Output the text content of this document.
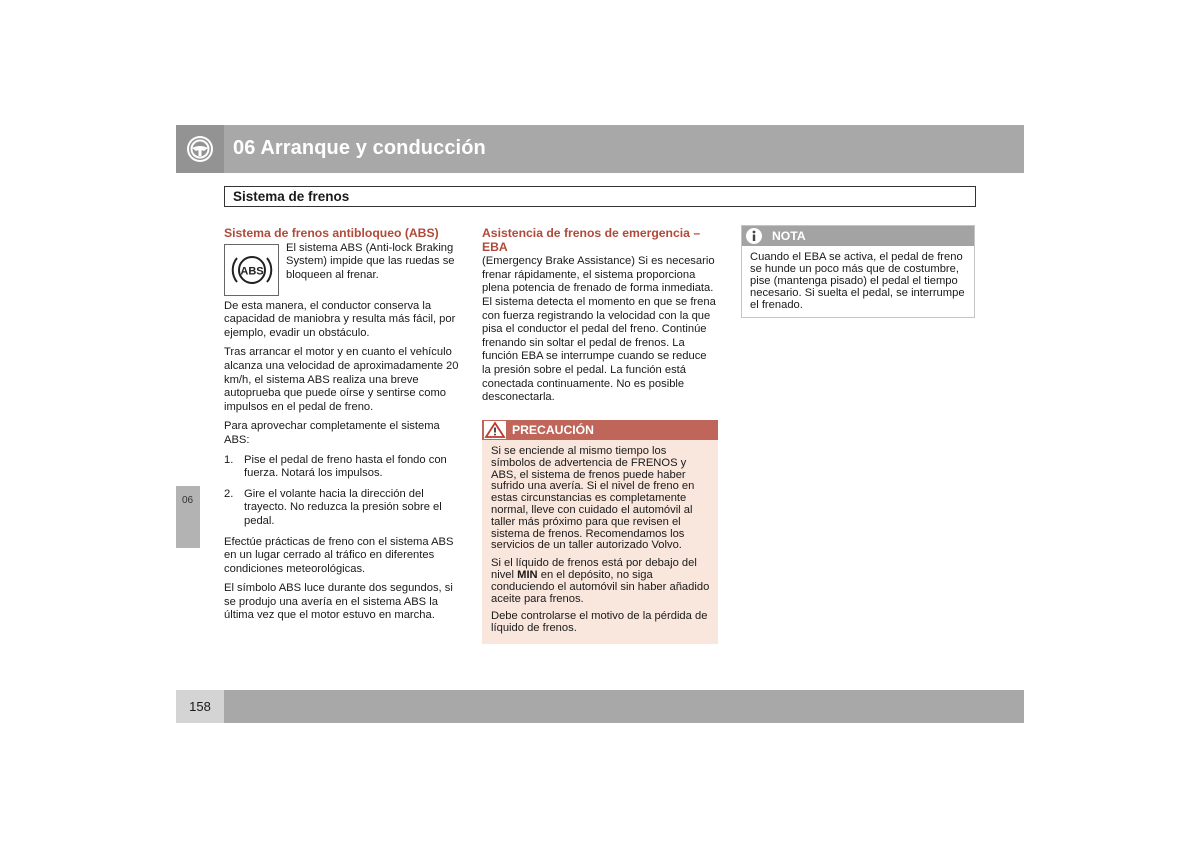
06 Arranque y conducción
Sistema de frenos
06
Sistema de frenos antibloqueo (ABS)
ABS

El sistema ABS (Anti-lock Braking System) impide que las ruedas se bloqueen al frenar.

De esta manera, el conductor conserva la capacidad de maniobra y resulta más fácil, por ejemplo, evadir un obstáculo.

Tras arrancar el motor y en cuanto el vehículo alcanza una velocidad de aproximadamente 20 km/h, el sistema ABS realiza una breve autoprueba que puede oírse y sentirse como impulsos en el pedal de freno.

Para aprovechar completamente el sistema ABS:

1. Pise el pedal de freno hasta el fondo con fuerza. Notará los impulsos.
2. Gire el volante hacia la dirección del trayecto. No reduzca la presión sobre el pedal.

Efectúe prácticas de freno con el sistema ABS en un lugar cerrado al tráfico en diferentes condiciones meteorológicas.

El símbolo ABS luce durante dos segundos, si se produjo una avería en el sistema ABS la última vez que el motor estuvo en marcha.

Asistencia de frenos de emergencia – EBA

(Emergency Brake Assistance) Si es necesario frenar rápidamente, el sistema proporciona plena potencia de frenado de forma inmediata. El sistema detecta el momento en que se frena con fuerza registrando la velocidad con la que pisa el conductor el pedal del freno. Continúe frenando sin soltar el pedal de frenos. La función EBA se interrumpe cuando se reduce la presión sobre el pedal. La función está conectada continuamente. No es posible desconectarla.

PRECAUCIÓN

Si se enciende al mismo tiempo los símbolos de advertencia de FRENOS y ABS, el sistema de frenos puede haber sufrido una avería. Si el nivel de freno en estas circunstancias es completamente normal, lleve con cuidado el automóvil al taller más próximo para que revisen el sistema de frenos. Recomendamos los servicios de un taller autorizado Volvo.

Si el líquido de frenos está por debajo del nivel MIN en el depósito, no siga conduciendo el automóvil sin haber añadido aceite para frenos.

Debe controlarse el motivo de la pérdida de líquido de frenos.

NOTA
Cuando el EBA se activa, el pedal de freno se hunde un poco más que de costumbre, pise (mantenga pisado) el pedal el tiempo necesario. Si suelta el pedal, se interrumpe el frenado.
158
